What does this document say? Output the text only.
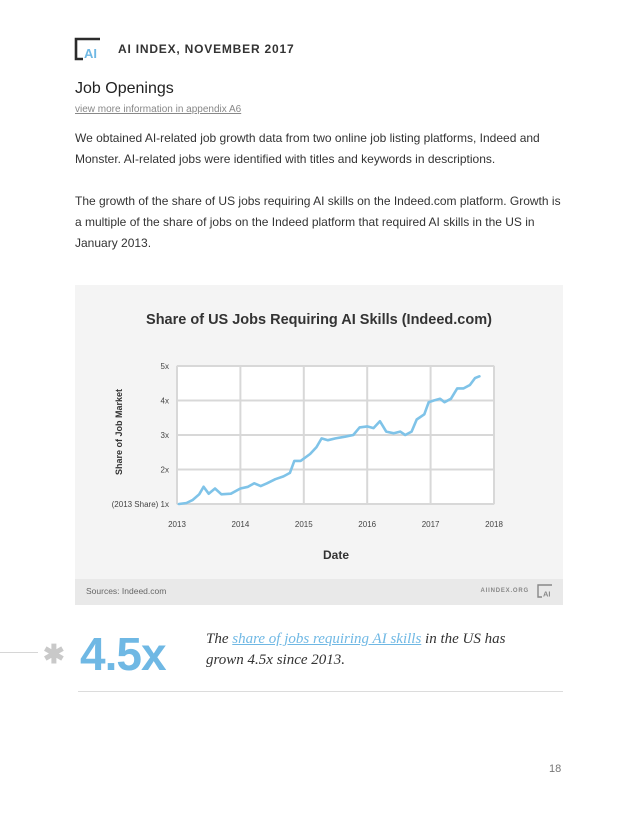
AI AI INDEX, NOVEMBER 2017
Job Openings
view more information in appendix A6

We obtained AI-related job growth data from two online job listing platforms, Indeed and Monster. AI-related jobs were identified with titles and keywords in descriptions.

The growth of the share of US jobs requiring AI skills on the Indeed.com platform. Growth is a multiple of the share of jobs on the Indeed platform that required AI skills in the US in January 2013.

Share of US Jobs Requiring AI Skills (Indeed.com)
(2013 Share) 1x
2x
3x
4x
5x
2013	2014	2015	2016	2017	2018
Share of Job Market
Date
Sources: Indeed.com	AIINDEX.ORG AI
✱ 4.5x	The share of jobs requiring AI skills in the US has grown 4.5x since 2013.
18
